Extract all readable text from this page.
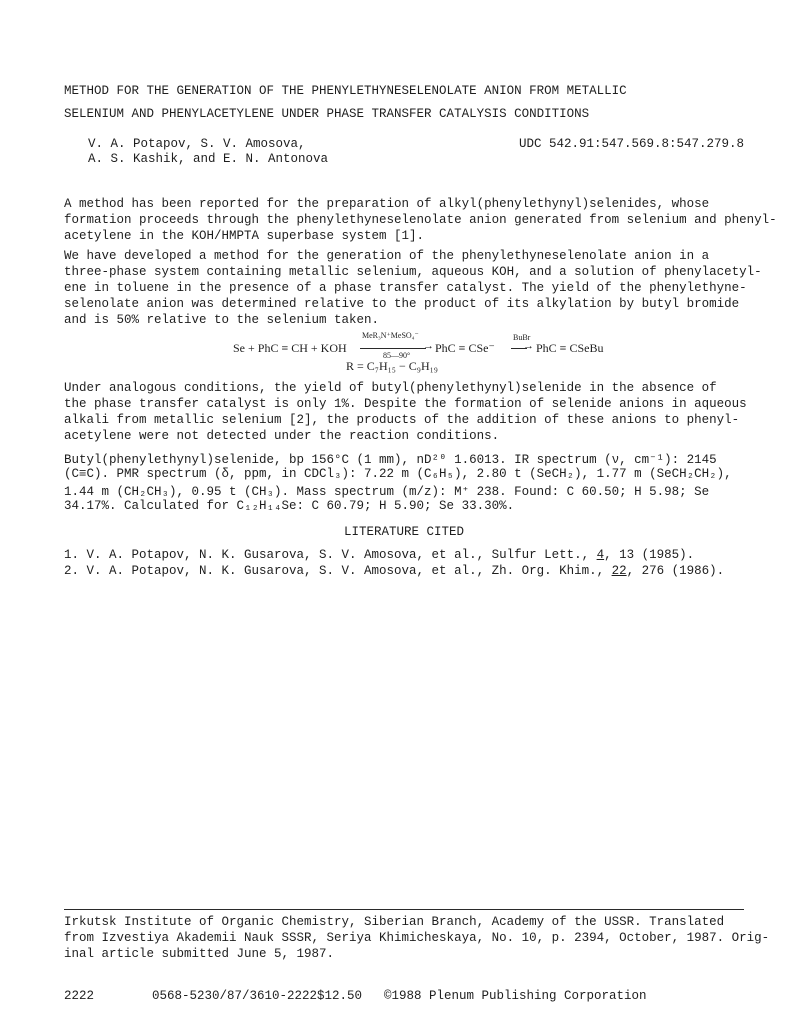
METHOD FOR THE GENERATION OF THE PHENYLETHYNESELENOLATE ANION FROM METALLIC
SELENIUM AND PHENYLACETYLENE UNDER PHASE TRANSFER CATALYSIS CONDITIONS
V. A. Potapov, S. V. Amosova,
A. S. Kashik, and E. N. Antonova
UDC 542.91:547.569.8:547.279.8
A method has been reported for the preparation of alkyl(phenylethynyl)selenides, whose
formation proceeds through the phenylethyneselenolate anion generated from selenium and phenyl-
acetylene in the KOH/HMPTA superbase system [1].
We have developed a method for the generation of the phenylethyneselenolate anion in a
three-phase system containing metallic selenium, aqueous KOH, and a solution of phenylacetyl-
ene in toluene in the presence of a phase transfer catalyst. The yield of the phenylethyne-
selenolate anion was determined relative to the product of its alkylation by butyl bromide
and is 50% relative to the selenium taken.
Se + PhC ≡ CH + KOH
MeR₃N⁺MeSO₄⁻
→
85—90°
PhC ≡ CSe⁻
BuBr
→ PhC ≡ CSeBu
R = C₇H₁₅ − C₉H₁₉
Under analogous conditions, the yield of butyl(phenylethynyl)selenide in the absence of
the phase transfer catalyst is only 1%. Despite the formation of selenide anions in aqueous
alkali from metallic selenium [2], the products of the addition of these anions to phenyl-
acetylene were not detected under the reaction conditions.
Butyl(phenylethynyl)selenide, bp 156°C (1 mm), nD²⁰ 1.6013. IR spectrum (ν, cm⁻¹): 2145
(C≡C). PMR spectrum (δ, ppm, in CDCl₃): 7.22 m (C₆H₅), 2.80 t (SeCH₂), 1.77 m (SeCH₂CH₂),
1.44 m (CH₂CH₃), 0.95 t (CH₃). Mass spectrum (m/z): M⁺ 238. Found: C 60.50; H 5.98; Se
34.17%. Calculated for C₁₂H₁₄Se: C 60.79; H 5.90; Se 33.30%.
LITERATURE CITED
1. V. A. Potapov, N. K. Gusarova, S. V. Amosova, et al., Sulfur Lett., 4, 13 (1985).
2. V. A. Potapov, N. K. Gusarova, S. V. Amosova, et al., Zh. Org. Khim., 22, 276 (1986).
Irkutsk Institute of Organic Chemistry, Siberian Branch, Academy of the USSR. Translated
from Izvestiya Akademii Nauk SSSR, Seriya Khimicheskaya, No. 10, p. 2394, October, 1987. Orig-
inal article submitted June 5, 1987.
2222	0568-5230/87/3610-2222$12.50 ©1988 Plenum Publishing Corporation
